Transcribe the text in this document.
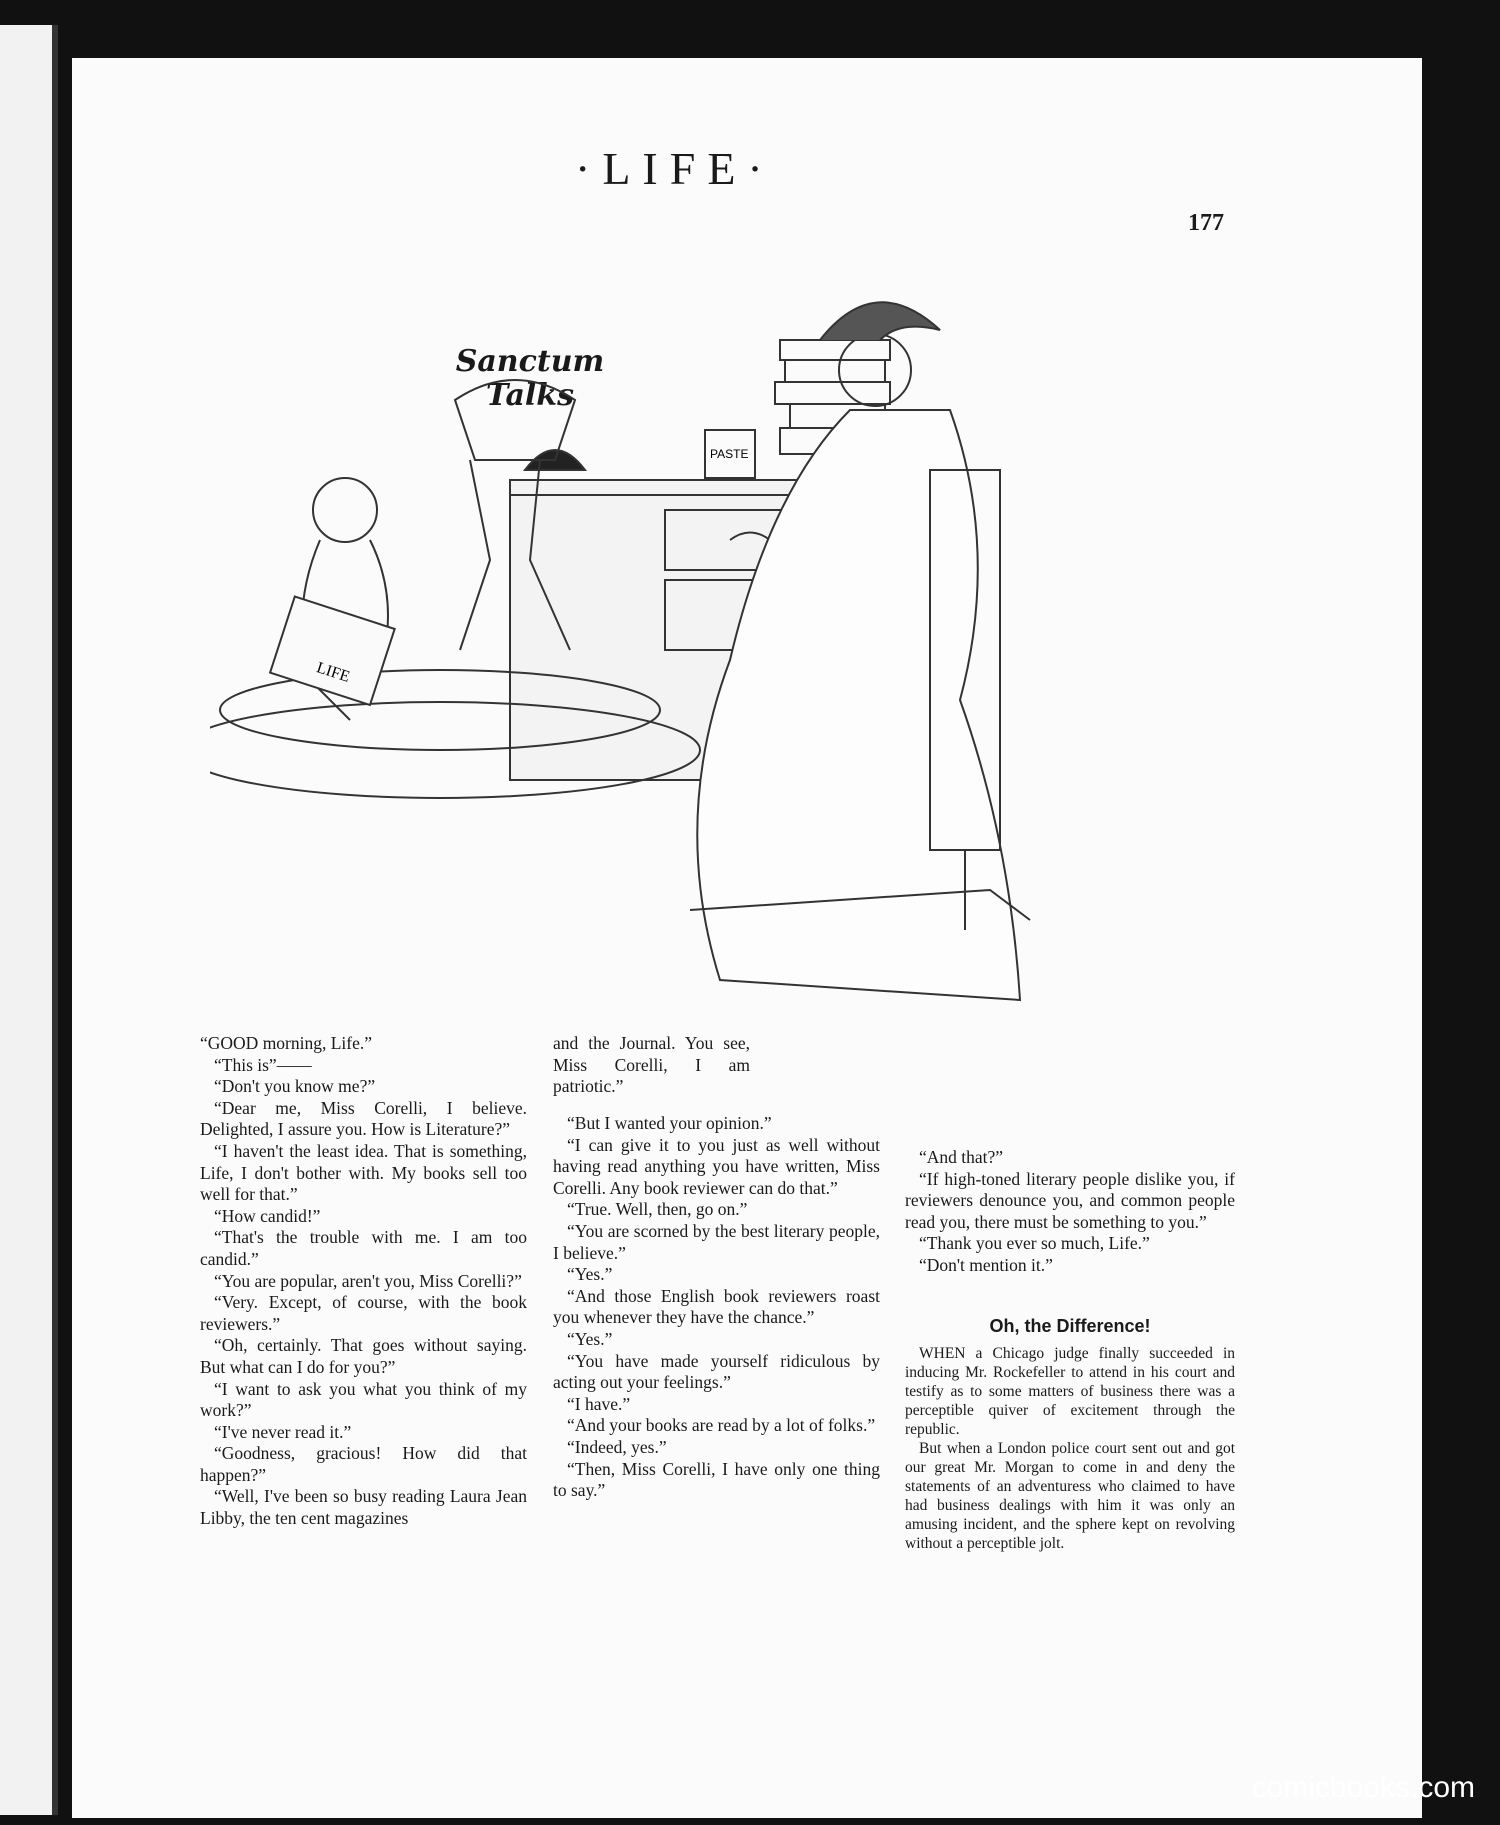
·LIFE·
177
Sanctum
Talks
LIFE
PASTE

“GOOD morning, Life.”

“This is”——

“Don't you know me?”

“Dear me, Miss Corelli, I believe. Delighted, I assure you. How is Literature?”

“I haven't the least idea. That is something, Life, I don't bother with. My books sell too well for that.”

“How candid!”

“That's the trouble with me. I am too candid.”

“You are popular, aren't you, Miss Corelli?”

“Very. Except, of course, with the book reviewers.”

“Oh, certainly. That goes without saying. But what can I do for you?”

“I want to ask you what you think of my work?”

“I've never read it.”

“Goodness, gracious! How did that happen?”

“Well, I've been so busy reading Laura Jean Libby, the ten cent magazines

and the Journal. You see, Miss Corelli, I am patriotic.”

“But I wanted your opinion.”

“I can give it to you just as well without having read anything you have written, Miss Corelli. Any book reviewer can do that.”

“True. Well, then, go on.”

“You are scorned by the best literary people, I believe.”

“Yes.”

“And those English book reviewers roast you whenever they have the chance.”

“Yes.”

“You have made yourself ridiculous by acting out your feelings.”

“I have.”

“And your books are read by a lot of folks.”

“Indeed, yes.”

“Then, Miss Corelli, I have only one thing to say.”

“And that?”

“If high-toned literary people dislike you, if reviewers denounce you, and common people read you, there must be something to you.”

“Thank you ever so much, Life.”

“Don't mention it.”

Oh, the Difference!

WHEN a Chicago judge finally succeeded in inducing Mr. Rockefeller to attend in his court and testify as to some matters of business there was a perceptible quiver of excitement through the republic.

But when a London police court sent out and got our great Mr. Morgan to come in and deny the statements of an adventuress who claimed to have had business dealings with him it was only an amusing incident, and the sphere kept on revolving without a perceptible jolt.

comicbooks.com
